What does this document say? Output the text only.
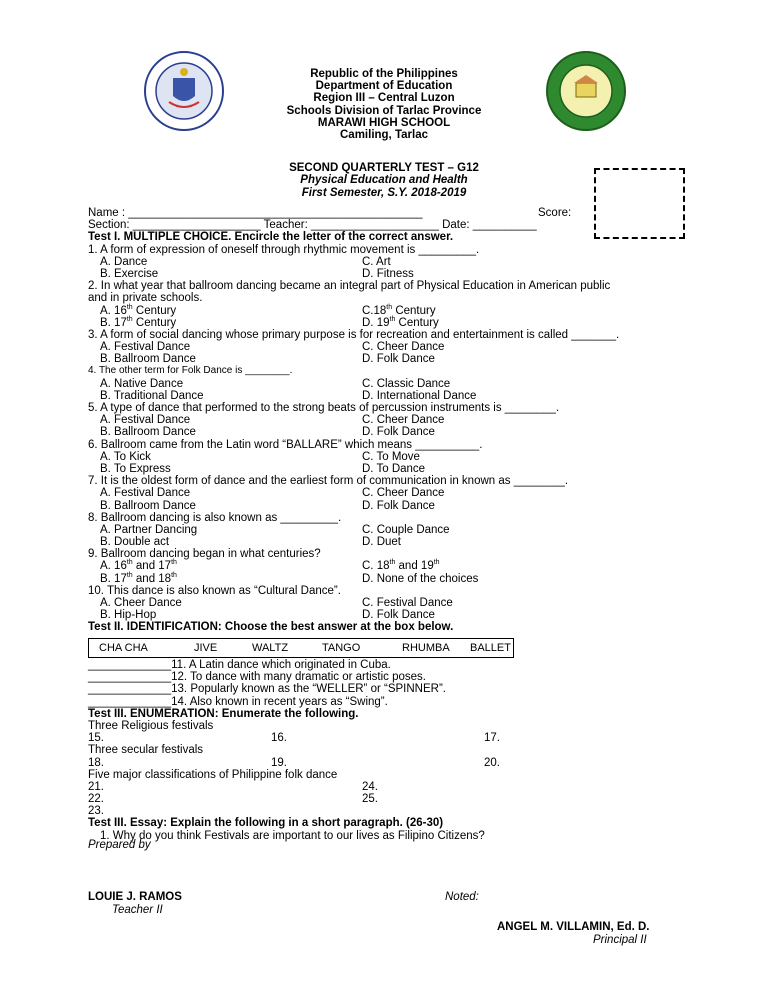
Republic of the Philippines
Department of Education
Region III – Central Luzon
Schools Division of Tarlac Province
MARAWI HIGH SCHOOL
Camiling, Tarlac
SECOND QUARTERLY TEST – G12
Physical Education and Health
First Semester, S.Y. 2018-2019
Name : ______________________________________________	Score:
Section: ____________________ Teacher: ____________________ Date: __________
Test I. MULTIPLE CHOICE. Encircle the letter of the correct answer.
1. A form of expression of oneself through rhythmic movement is _________.
A. Dance	C. Art
B. Exercise	D. Fitness
2. In what year that ballroom dancing became an integral part of Physical Education in American public
and in private schools.
A. 16th Century	C.18th Century
B. 17th Century	D. 19th Century
3. A form of social dancing whose primary purpose is for recreation and entertainment is called _______.
A. Festival Dance	C. Cheer Dance
B. Ballroom Dance	D. Folk Dance
4. The other term for Folk Dance is ________.
A. Native Dance	C. Classic Dance
B. Traditional Dance	D. International Dance
5. A type of dance that performed to the strong beats of percussion instruments is ________.
A. Festival Dance	C. Cheer Dance
B. Ballroom Dance	D. Folk Dance
6. Ballroom came from the Latin word “BALLARE” which means __________.
A. To Kick	C. To Move
B. To Express	D. To Dance
7. It is the oldest form of dance and the earliest form of communication in known as ________.
A. Festival Dance	C. Cheer Dance
B. Ballroom Dance	D. Folk Dance
8. Ballroom dancing is also known as _________.
A. Partner Dancing	C. Couple Dance
B. Double act	D. Duet
9. Ballroom dancing began in what centuries?
A. 16th and 17th	C. 18th and 19th
B. 17th and 18th	D. None of the choices
10. This dance is also known as “Cultural Dance”.
A. Cheer Dance	C. Festival Dance
B. Hip-Hop	D. Folk Dance
Test II. IDENTIFICATION: Choose the best answer at the box below.
CHA CHA	JIVE	WALTZ	TANGO	RHUMBA BALLET
_____________11. A Latin dance which originated in Cuba.
_____________12. To dance with many dramatic or artistic poses.
_____________13. Popularly known as the “WELLER” or “SPINNER”.
_____________14. Also known in recent years as “Swing”.
Test III. ENUMERATION: Enumerate the following.
Three Religious festivals
15.	16.	17.
Three secular festivals
18.	19.	20.
Five major classifications of Philippine folk dance
21.	24.
22.	25.
23.
Test III. Essay: Explain the following in a short paragraph. (26-30)
1. Why do you think Festivals are important to our lives as Filipino Citizens?
Prepared by
LOUIE J. RAMOS
Teacher II
Noted:
ANGEL M. VILLAMIN, Ed. D.
Principal II
